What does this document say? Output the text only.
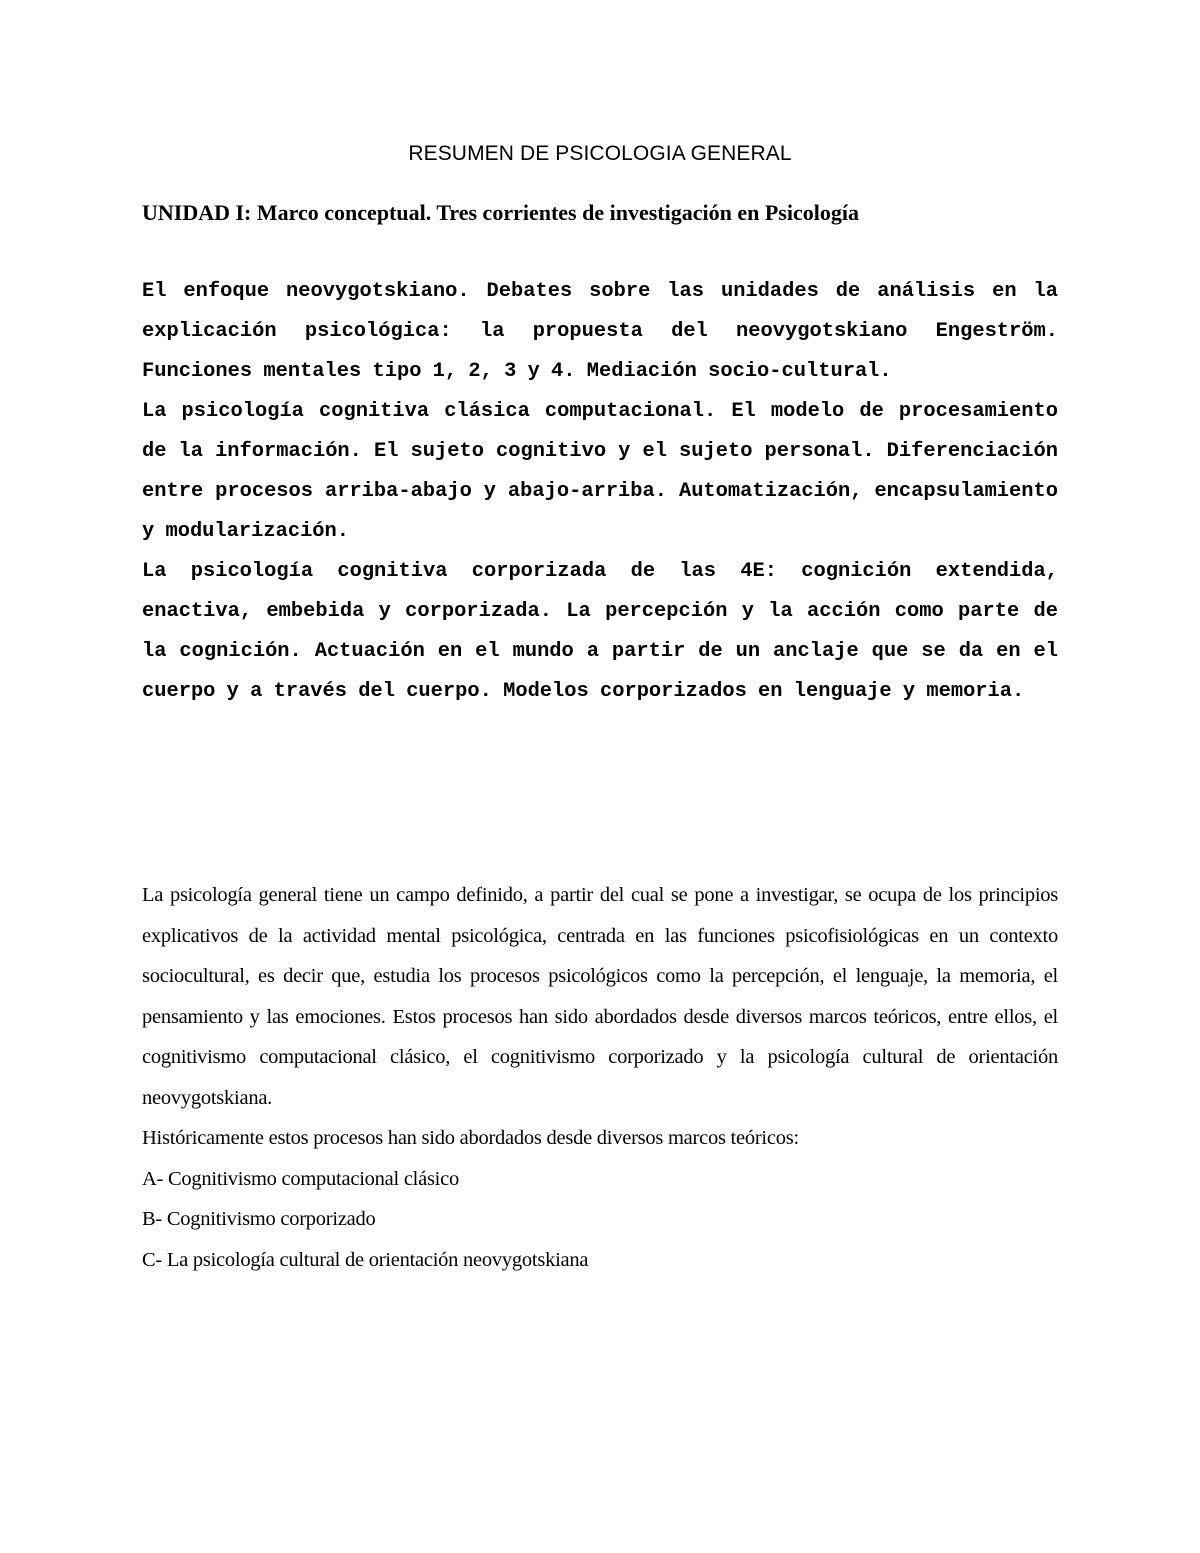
RESUMEN DE PSICOLOGIA GENERAL
UNIDAD I: Marco conceptual. Tres corrientes de investigación en Psicología

El enfoque neovygotskiano. Debates sobre las unidades de análisis en la explicación psicológica: la propuesta del neovygotskiano Engeström. Funciones mentales tipo 1, 2, 3 y 4. Mediación socio-cultural.

La psicología cognitiva clásica computacional. El modelo de procesamiento de la información. El sujeto cognitivo y el sujeto personal. Diferenciación entre procesos arriba-abajo y abajo-arriba. Automatización, encapsulamiento y modularización.

La psicología cognitiva corporizada de las 4E: cognición extendida, enactiva, embebida y corporizada. La percepción y la acción como parte de la cognición. Actuación en el mundo a partir de un anclaje que se da en el cuerpo y a través del cuerpo. Modelos corporizados en lenguaje y memoria.

La psicología general tiene un campo definido, a partir del cual se pone a investigar, se ocupa de los principios explicativos de la actividad mental psicológica, centrada en las funciones psicofisiológicas en un contexto sociocultural, es decir que, estudia los procesos psicológicos como la percepción, el lenguaje, la memoria, el pensamiento y las emociones. Estos procesos han sido abordados desde diversos marcos teóricos, entre ellos, el cognitivismo computacional clásico, el cognitivismo corporizado y la psicología cultural de orientación neovygotskiana.

Históricamente estos procesos han sido abordados desde diversos marcos teóricos:

A- Cognitivismo computacional clásico

B- Cognitivismo corporizado

C- La psicología cultural de orientación neovygotskiana
